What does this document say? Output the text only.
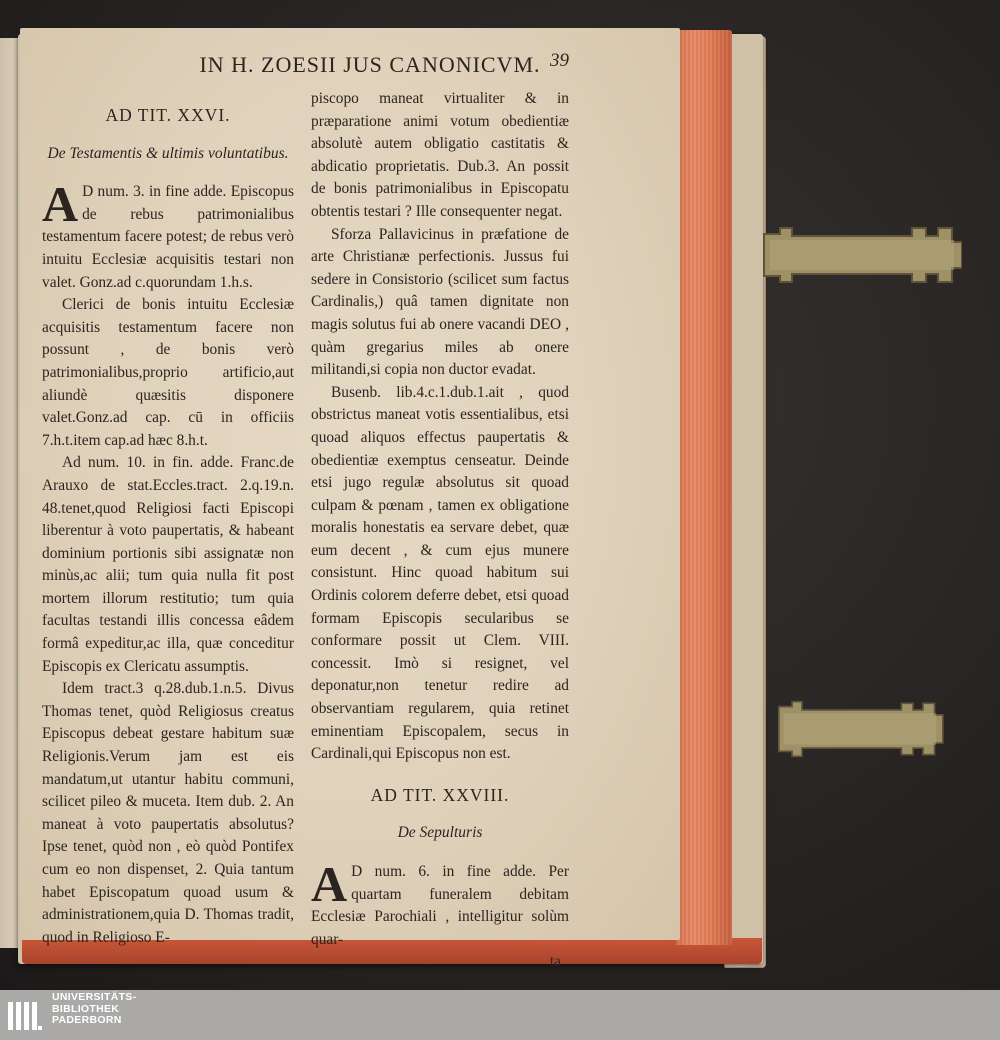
IN H. ZOESII JUS CANONICVM. 39

AD TIT. XXVI.

De Testamentis & ultimis voluntatibus.

A D num. 3. in fine adde. Episcopus de rebus patrimonialibus testamentum facere potest; de rebus verò intuitu Ecclesiæ acquisitis testari non valet. Gonz.ad c.quorundam 1.h.s.

Clerici de bonis intuitu Ecclesiæ acquisitis testamentum facere non possunt , de bonis verò patrimonialibus,proprio artificio,aut aliundè quæsitis disponere valet.Gonz.ad cap. cū in officiis 7.h.t.item cap.ad hæc 8.h.t.

Ad num. 10. in fin. adde. Franc.de Arauxo de stat.Eccles.tract. 2.q.19.n. 48.tenet,quod Religiosi facti Episcopi liberentur à voto paupertatis, & habeant dominium portionis sibi assignatæ non minùs,ac alii; tum quia nulla fit post mortem illorum restitutio; tum quia facultas testandi illis concessa eâdem formâ expeditur,ac illa, quæ conceditur Episcopis ex Clericatu assumptis.

Idem tract.3 q.28.dub.1.n.5. Divus Thomas tenet, quòd Religiosus creatus Episcopus debeat gestare habitum suæ Religionis.Verum jam est eis mandatum,ut utantur habitu communi, scilicet pileo & muceta. Item dub. 2. An maneat à voto paupertatis absolutus? Ipse tenet, quòd non , eò quòd Pontifex cum eo non dispenset, 2. Quia tantum habet Episcopatum quoad usum & administrationem,quia D. Thomas tradit, quod in Religioso E-

piscopo maneat virtualiter & in præparatione animi votum obedientiæ absolutè autem obligatio castitatis & abdicatio proprietatis. Dub.3. An possit de bonis patrimonialibus in Episcopatu obtentis testari ? Ille consequenter negat.

Sforza Pallavicinus in præfatione de arte Christianæ perfectionis. Jussus fui sedere in Consistorio (scilicet sum factus Cardinalis,) quâ tamen dignitate non magis solutus fui ab onere vacandi DEO , quàm gregarius miles ab onere militandi,si copia non ductor evadat.

Busenb. lib.4.c.1.dub.1.ait , quod obstrictus maneat votis essentialibus, etsi quoad aliquos effectus paupertatis & obedientiæ exemptus censeatur. Deinde etsi jugo regulæ absolutus sit quoad culpam & pœnam , tamen ex obligatione moralis honestatis ea servare debet, quæ eum decent , & cum ejus munere consistunt. Hinc quoad habitum sui Ordinis colorem deferre debet, etsi quoad formam Episcopis secularibus se conformare possit ut Clem. VIII. concessit. Imò si resignet, vel deponatur,non tenetur redire ad observantiam regularem, quia retinet eminentiam Episcopalem, secus in Cardinali,qui Episcopus non est.

AD TIT. XXVIII.

De Sepulturis

A D num. 6. in fine adde. Per quartam funeralem debitam Ecclesiæ Parochiali , intelligitur solùm quar-

ta

UNIVERSITÄTS-
BIBLIOTHEK
PADERBORN
